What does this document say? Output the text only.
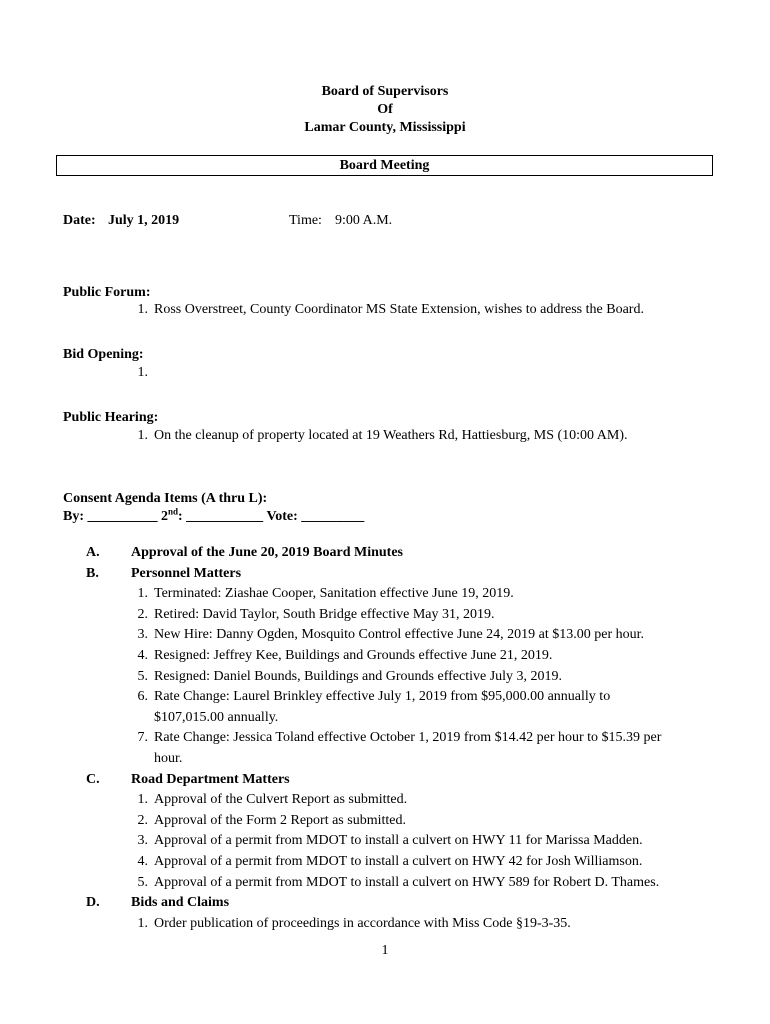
Board of Supervisors
Of
Lamar County, Mississippi
Board Meeting
Date: July 1, 2019	Time: 9:00 A.M.
Public Forum:
1. Ross Overstreet, County Coordinator MS State Extension, wishes to address the Board.
Bid Opening:
1.
Public Hearing:
1. On the cleanup of property located at 19 Weathers Rd, Hattiesburg, MS (10:00 AM).
Consent Agenda Items (A thru L):
By: __________ 2nd: ___________ Vote: _________
A. Approval of the June 20, 2019 Board Minutes
B. Personnel Matters
1. Terminated: Ziashae Cooper, Sanitation effective June 19, 2019.
2. Retired: David Taylor, South Bridge effective May 31, 2019.
3. New Hire: Danny Ogden, Mosquito Control effective June 24, 2019 at $13.00 per hour.
4. Resigned: Jeffrey Kee, Buildings and Grounds effective June 21, 2019.
5. Resigned: Daniel Bounds, Buildings and Grounds effective July 3, 2019.
6. Rate Change: Laurel Brinkley effective July 1, 2019 from $95,000.00 annually to
$107,015.00 annually.
7. Rate Change: Jessica Toland effective October 1, 2019 from $14.42 per hour to $15.39 per
hour.
C. Road Department Matters
1. Approval of the Culvert Report as submitted.
2. Approval of the Form 2 Report as submitted.
3. Approval of a permit from MDOT to install a culvert on HWY 11 for Marissa Madden.
4. Approval of a permit from MDOT to install a culvert on HWY 42 for Josh Williamson.
5. Approval of a permit from MDOT to install a culvert on HWY 589 for Robert D. Thames.
D. Bids and Claims
1. Order publication of proceedings in accordance with Miss Code §19-3-35.
1
